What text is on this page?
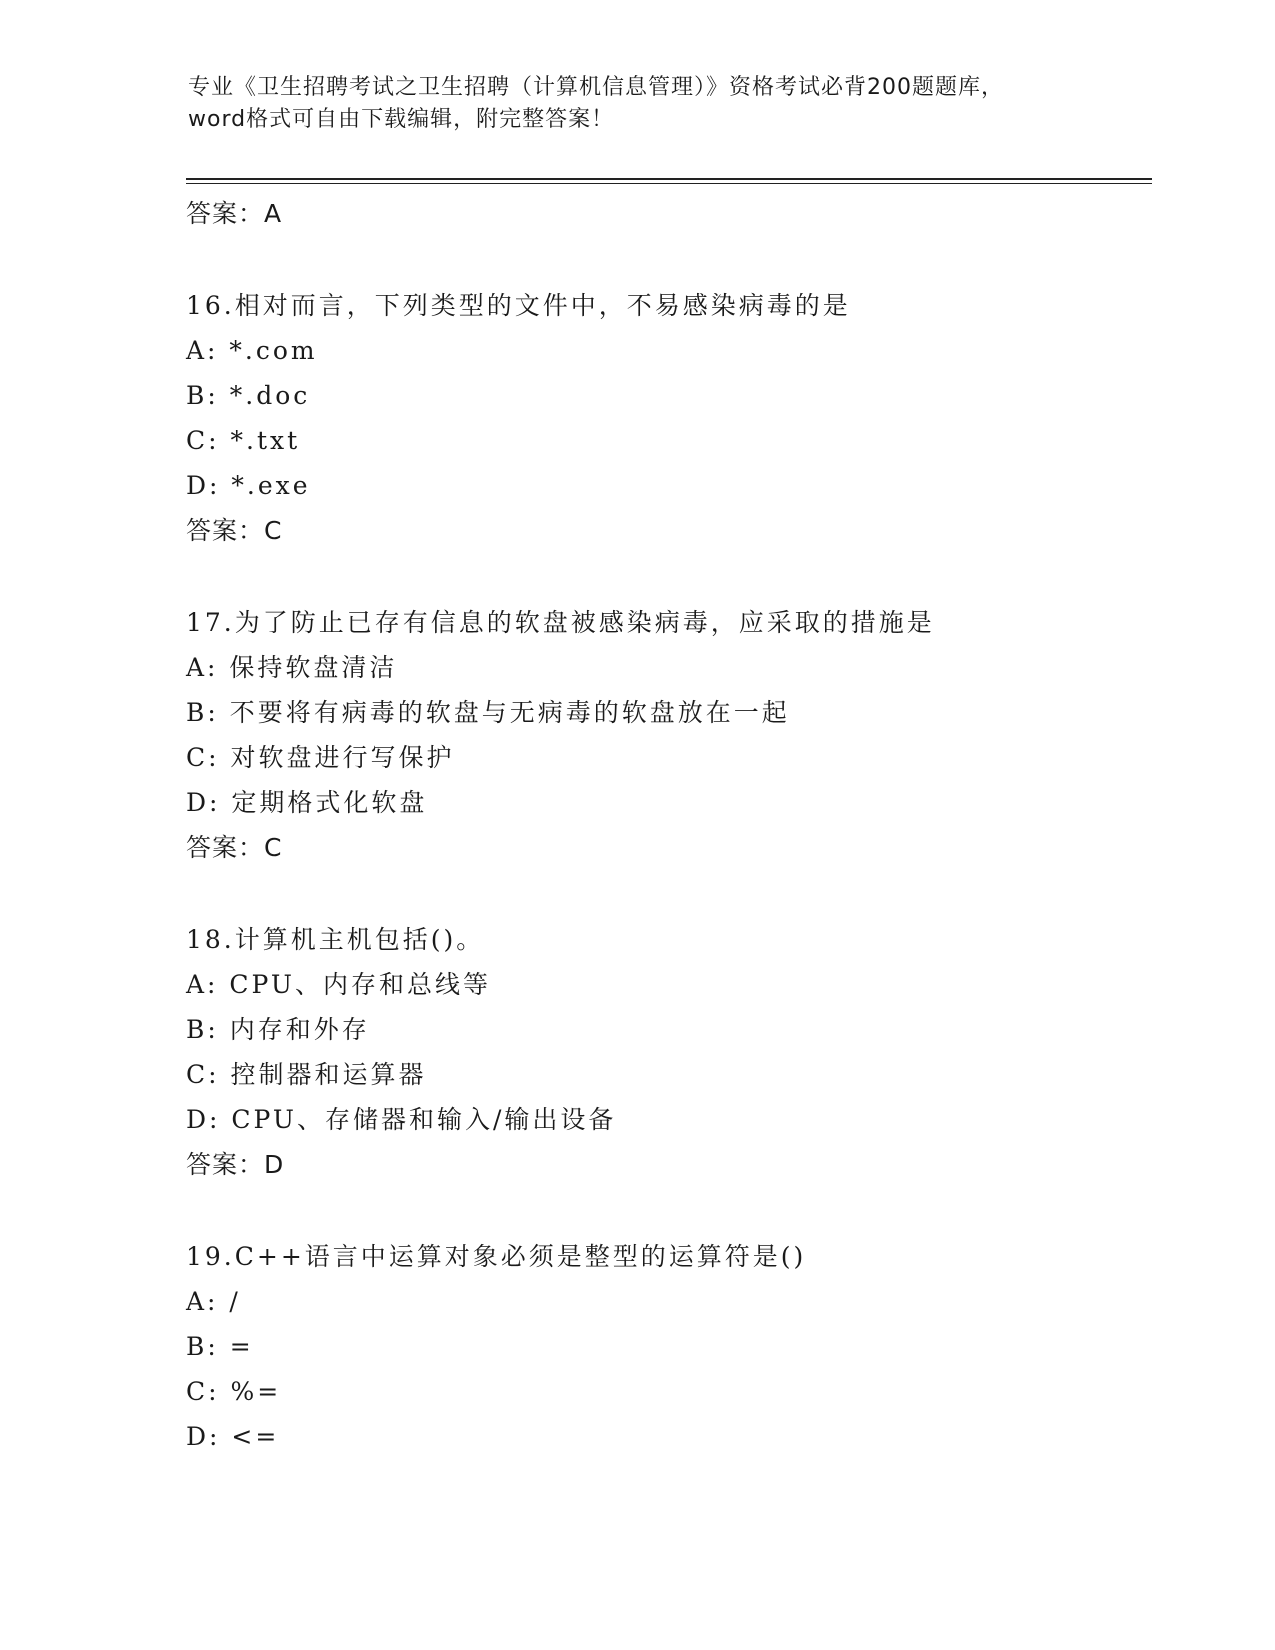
专业《卫生招聘考试之卫生招聘（计算机信息管理）》资格考试必背200题题库，
word格式可自由下载编辑，附完整答案！
答案：A
16.相对而言，下列类型的文件中，不易感染病毒的是
A: *.com
B: *.doc
C: *.txt
D: *.exe
答案：C
17.为了防止已存有信息的软盘被感染病毒，应采取的措施是
A: 保持软盘清洁
B: 不要将有病毒的软盘与无病毒的软盘放在一起
C: 对软盘进行写保护
D: 定期格式化软盘
答案：C
18.计算机主机包括()。
A: CPU、内存和总线等
B: 内存和外存
C: 控制器和运算器
D: CPU、存储器和输入/输出设备
答案：D
19.C++语言中运算对象必须是整型的运算符是()
A: /
B: =
C: %=
D: <=
